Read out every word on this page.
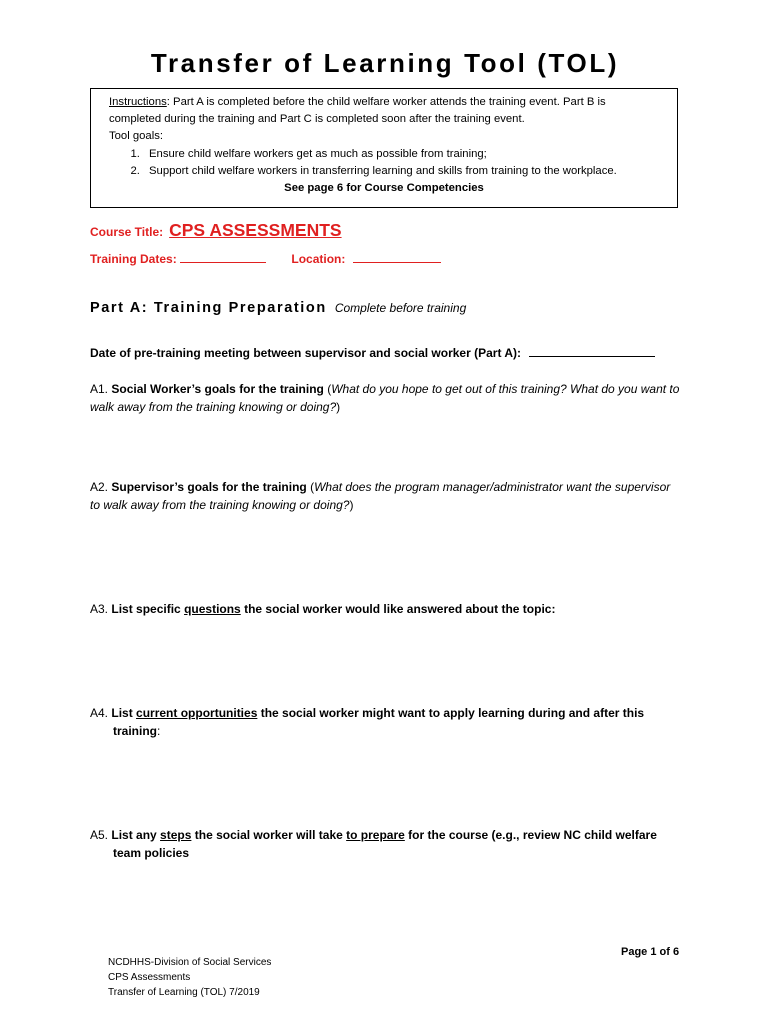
Transfer of Learning Tool (TOL)

Instructions: Part A is completed before the child welfare worker attends the training event. Part B is completed during the training and Part C is completed soon after the training event.

Tool goals:

1. Ensure child welfare workers get as much as possible from training;
2. Support child welfare workers in transferring learning and skills from training to the workplace.

See page 6 for Course Competencies

Course Title: CPS ASSESSMENTS
Training Dates:	Location:
Part A: Training Preparation Complete before training
Date of pre-training meeting between supervisor and social worker (Part A):
A1. Social Worker’s goals for the training (What do you hope to get out of this training? What do you want to walk away from the training knowing or doing?)
A2. Supervisor’s goals for the training (What does the program manager/administrator want the supervisor to walk away from the training knowing or doing?)
A3. List specific questions the social worker would like answered about the topic:
A4. List current opportunities the social worker might want to apply learning during and after this
training:
A5. List any steps the social worker will take to prepare for the course (e.g., review NC child welfare
team policies
Page 1 of 6
NCDHHS-Division of Social Services
CPS Assessments
Transfer of Learning (TOL) 7/2019
